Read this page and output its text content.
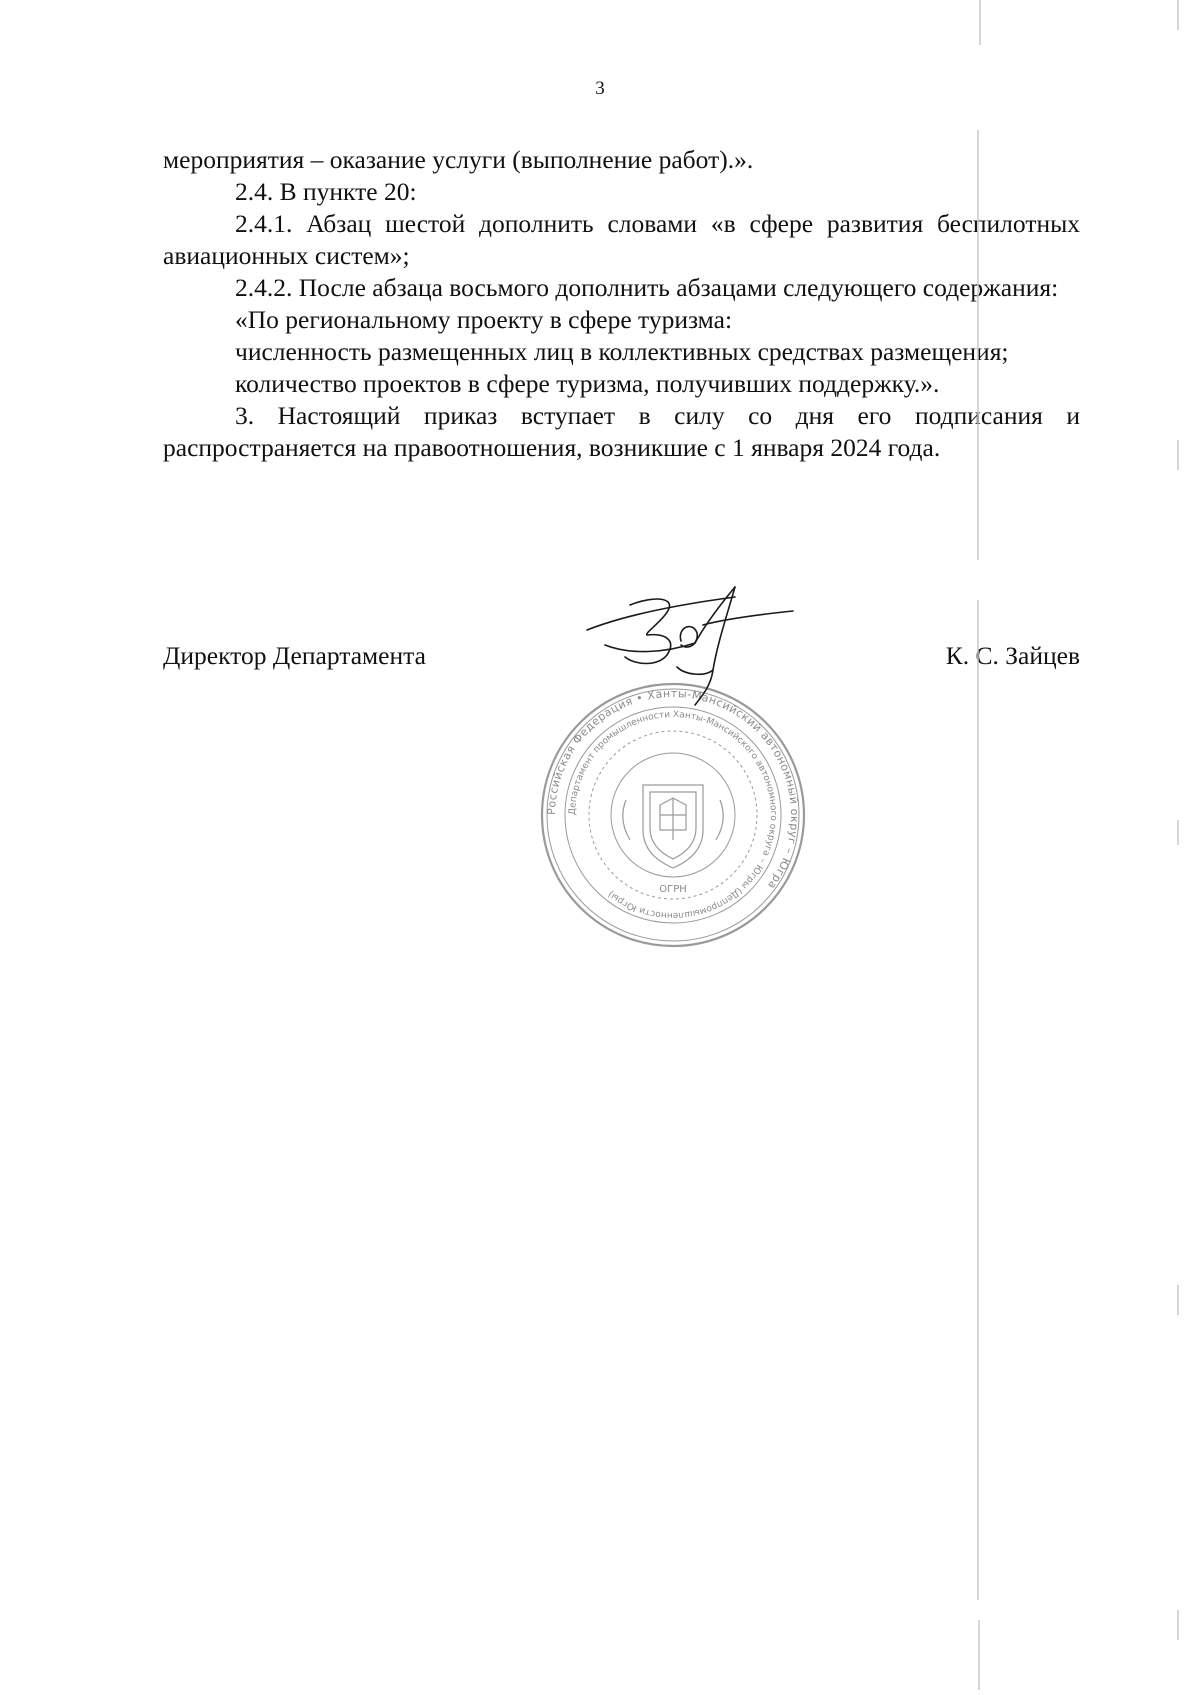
3

мероприятия – оказание услуги (выполнение работ).».

2.4. В пункте 20:

2.4.1. Абзац шестой дополнить словами «в сфере развития беспилотных авиационных систем»;

2.4.2. После абзаца восьмого дополнить абзацами следующего содержания:

«По региональному проекту в сфере туризма:

численность размещенных лиц в коллективных средствах размещения;

количество проектов в сфере туризма, получивших поддержку.».

3. Настоящий приказ вступает в силу со дня его подписания и распространяется на правоотношения, возникшие с 1 января 2024 года.

Директор Департамента	К. С. Зайцев
Российская Федерация • Ханты-Мансийский автономный округ – Югра
Департамент промышленности Ханты-Мансийского автономного округа – Югры (Деппромышленности Югры)	ОГРН
